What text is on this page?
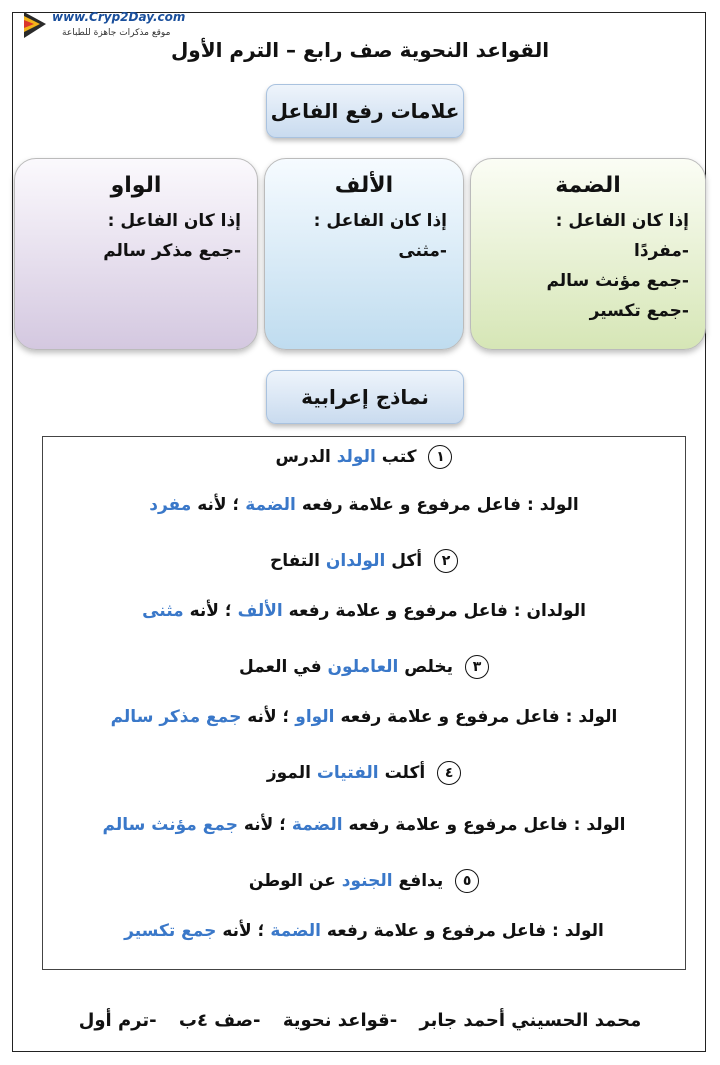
www.Cryp2Day.com
موقع مذكرات جاهزة للطباعة
القواعد النحوية صف رابع – الترم الأول
علامات رفع الفاعل
الضمة
إذا كان الفاعل :
-مفردًا
-جمع مؤنث سالم
-جمع تكسير
الألف
إذا كان الفاعل :
-مثنى
الواو
إذا كان الفاعل :
-جمع مذكر سالم
نماذج إعرابية
١ كتب الولد الدرس
الولد : فاعل مرفوع و علامة رفعه الضمة ؛ لأنه مفرد
٢ أكل الولدان التفاح
الولدان : فاعل مرفوع و علامة رفعه الألف ؛ لأنه مثنى
٣ يخلص العاملون في العمل
الولد : فاعل مرفوع و علامة رفعه الواو ؛ لأنه جمع مذكر سالم
٤ أكلت الفتيات الموز
الولد : فاعل مرفوع و علامة رفعه الضمة ؛ لأنه جمع مؤنث سالم
٥ يدافع الجنود عن الوطن
الولد : فاعل مرفوع و علامة رفعه الضمة ؛ لأنه جمع تكسير
محمد الحسيني أحمد جابر -قواعد نحوية -صف ٤ب -ترم أول
